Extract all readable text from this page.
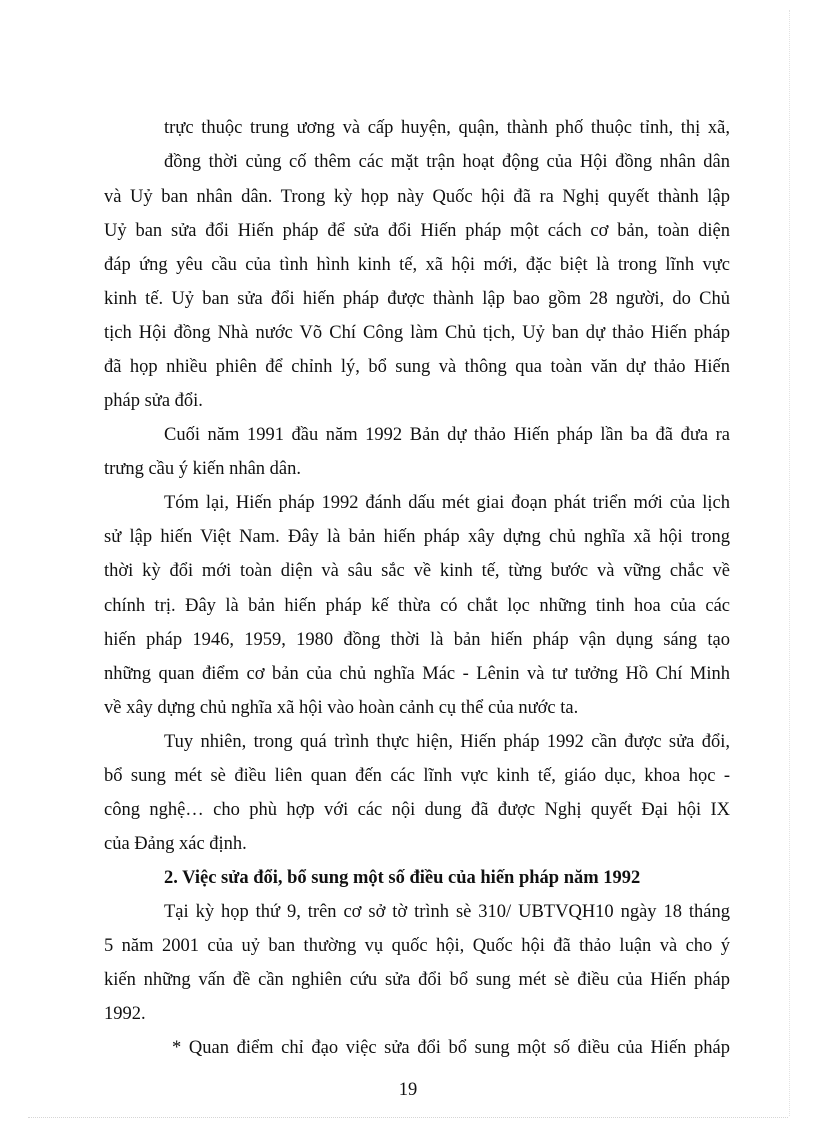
trực thuộc trung ương và cấp huyện, quận, thành phố thuộc tỉnh, thị xã,
đồng thời củng cố thêm các mặt trận hoạt động của Hội đồng nhân dân
và Uỷ ban nhân dân. Trong kỳ họp này Quốc hội đã ra Nghị quyết thành lập
Uỷ ban sửa đổi Hiến pháp để sửa đổi Hiến pháp một cách cơ bản, toàn diện
đáp ứng yêu cầu của tình hình kinh tế, xã hội mới, đặc biệt là trong lĩnh vực
kinh tế. Uỷ ban sửa đổi hiến pháp được thành lập bao gồm 28 người, do Chủ
tịch Hội đồng Nhà nước Võ Chí Công làm Chủ tịch, Uỷ ban dự thảo Hiến pháp
đã họp nhiều phiên để chỉnh lý, bổ sung và thông qua toàn văn dự thảo Hiến
pháp sửa đổi.
Cuối năm 1991 đầu năm 1992 Bản dự thảo Hiến pháp lần ba đã đưa ra
trưng cầu ý kiến nhân dân.
Tóm lại, Hiến pháp 1992 đánh dấu mét giai đoạn phát triển mới của lịch
sử lập hiến Việt Nam. Đây là bản hiến pháp xây dựng chủ nghĩa xã hội trong
thời kỳ đổi mới toàn diện và sâu sắc về kinh tế, từng bước và vững chắc về
chính trị. Đây là bản hiến pháp kế thừa có chắt lọc những tinh hoa của các
hiến pháp 1946, 1959, 1980 đồng thời là bản hiến pháp vận dụng sáng tạo
những quan điểm cơ bản của chủ nghĩa Mác - Lênin và tư tưởng Hồ Chí Minh
về xây dựng chủ nghĩa xã hội vào hoàn cảnh cụ thể của nước ta.
Tuy nhiên, trong quá trình thực hiện, Hiến pháp 1992 cần được sửa đổi,
bổ sung mét sè điều liên quan đến các lĩnh vực kinh tế, giáo dục, khoa học -
công nghệ… cho phù hợp với các nội dung đã được Nghị quyết Đại hội IX
của Đảng xác định.
2. Việc sửa đổi, bổ sung một số điều của hiến pháp năm 1992
Tại kỳ họp thứ 9, trên cơ sở tờ trình sè 310/ UBTVQH10 ngày 18 tháng
5 năm 2001 của uỷ ban thường vụ quốc hội, Quốc hội đã thảo luận và cho ý
kiến những vấn đề cần nghiên cứu sửa đổi bổ sung mét sè điều của Hiến pháp
1992.
* Quan điểm chỉ đạo việc sửa đổi bổ sung một số điều của Hiến pháp
19
